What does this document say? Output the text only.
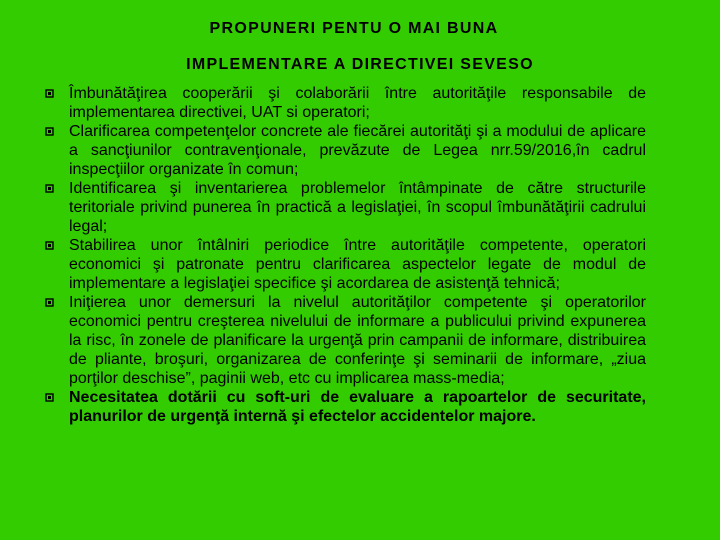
PROPUNERI PENTU O MAI BUNA
IMPLEMENTARE A DIRECTIVEI SEVESO
Îmbunătăţirea cooperării şi colaborării între autorităţile responsabile de implementarea directivei, UAT si operatori;
Clarificarea competenţelor concrete ale fiecărei autorităţi şi a modului de aplicare a sancţiunilor contravenţionale, prevăzute de Legea nrr.59/2016,în cadrul inspecţiilor organizate în comun;
Identificarea şi inventarierea problemelor întâmpinate de către structurile teritoriale privind punerea în practică a legislaţiei, în scopul îmbunătăţirii cadrului legal;
Stabilirea unor întâlniri periodice între autorităţile competente, operatori economici şi patronate pentru clarificarea aspectelor legate de modul de implementare a legislaţiei specifice şi acordarea de asistenţă tehnică;
Iniţierea unor demersuri la nivelul autorităţilor competente şi operatorilor economici pentru creşterea nivelului de informare a publicului privind expunerea la risc, în zonele de planificare la urgenţă prin campanii de informare, distribuirea de pliante, broşuri, organizarea de conferinţe şi seminarii de informare, „ziua porţilor deschise”, paginii web, etc cu implicarea mass-media;
Necesitatea dotării cu soft-uri de evaluare a rapoartelor de securitate, planurilor de urgenţă internă şi efectelor accidentelor majore.
